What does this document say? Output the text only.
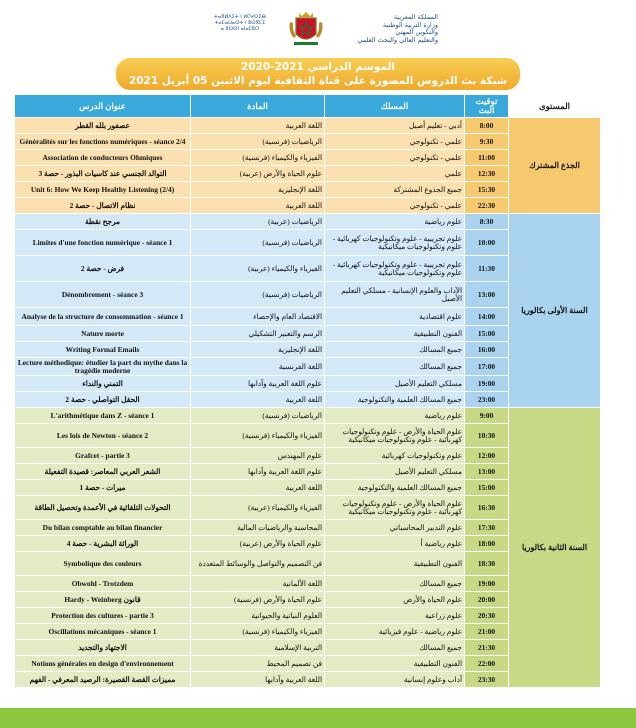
ⵜⴰⴳⵍⴷⵉⵜ ⵏ ⵍⵎⵖⵔⵉⴱ
ⵜⴰⵎⴰⵡⴰⵙⵜ ⵏ ⵓⵙⴳⵎⵉ
ⴰ ⵓⵙⵙⵏ ⴰⵏⴰⵎⵓⵔ
المملكة المغربية
وزارة التربية الوطنية
والتكوين المهني
والتعليم العالي والبحث العلمي
الموسم الدراسي 2021-2020
شبكة بث الدروس المصورة على قناة الثقافية ليوم الاثنين 05 أبريل 2021
عنوان الدرس	المادة	المسلك	توقيت البث	المستوى
عصفور بلله القطر	اللغة العربية	أدبي - تعليم أصيل	8:00	الجذع المشترك
Généralités sur les fonctions numériques - séance 2/4	الرياضيات (فرنسية)	علمي - تكنولوجي	9:30	
Association de conducteurs Ohmiques	الفيزياء والكيمياء (فرنسية)	علمي - تكنولوجي	11:00	
التوالد الجنسي عند كاسيات البذور - حصة 3	علوم الحياة والأرض (عربية)	علمي	12:30	
Unit 6: How We Keep Healthy Listening (2/4)	اللغة الإنجليزية	جميع الجذوع المشتركة	15:30	
نظام الاتصال - حصة 2	اللغة العربية	علمي - تكنولوجي	22:30	
مرجح نقطة	الرياضيات (عربية)	علوم رياضية	8:30	السنة الأولى بكالوريا
Limites d'une fonction numérique - séance 1	الرياضيات (فرنسية)	علوم تجريبية - علوم وتكنولوجيات كهربائية - علوم وتكنولوجيات ميكانيكية	10:00	
فرض - حصة 2	الفيزياء والكيمياء (عربية)	علوم تجريبية - علوم وتكنولوجيات كهربائية - علوم وتكنولوجيات ميكانيكية	11:30	
Dénombrement - séance 3	الرياضيات (فرنسية)	الآداب والعلوم الإنسانية - مسلكي التعليم الأصيل	13:00	
Analyse de la structure de consommation - séance 1	الاقتصاد العام والإحصاء	علوم اقتصادية	14:00	
Nature morte	الرسم والتعبير التشكيلي	الفنون التطبيقية	15:00	
Writing Formal Emails	اللغة الإنجليزية	جميع المسالك	16:00	
Lecture méthodique: étudier la part du mythe dans la tragédie moderne	اللغة الفرنسية	جميع المسالك	17:00	
التمني والنداء	علوم اللغة العربية وآدابها	مسلكي التعليم الأصيل	19:00	
الحقل التواصلي - حصة 2	اللغة العربية	جميع المسالك العلمية والتكنولوجية	23:00	
L'arithmétique dans Z - séance 1	الرياضيات (فرنسية)	علوم رياضية	9:00	السنة الثانية بكالوريا
Les lois de Newton - séance 2	الفيزياء والكيمياء (فرنسية)	علوم الحياة والأرض - علوم وتكنولوجيات كهربائية - علوم وتكنولوجيات ميكانيكية	10:30	
Grafcet - partie 3	علوم المهندس	علوم وتكنولوجيات كهربائية	12:00	
الشعر العربي المعاصر: قصيدة التفعيلة	علوم اللغة العربية وآدابها	مسلكي التعليم الأصيل	13:00	
ميرات - حصة 1	اللغة العربية	جميع المسالك العلمية والتكنولوجية	15:00	
التحولات التلقائية في الأعمدة وتحصيل الطاقة	الفيزياء والكيمياء (عربية)	علوم الحياة والأرض - علوم وتكنولوجيات كهربائية - علوم وتكنولوجيات ميكانيكية	16:30	
Du bilan comptable au bilan financier	المحاسبة والرياضيات المالية	علوم التدبير المحاسباتي	17:30	
الوراثة البشرية - حصة 4	علوم الحياة والأرض (عربية)	علوم رياضية أ	18:00	
Symbolique des couleurs	فن التصميم والتواصل والوسائط المتعددة	الفنون التطبيقية	18:30	
Obwohl - Trotzdem	اللغة الألمانية	جميع المسالك	19:00	
Hardy - Weinberg قانون	علوم الحياة والأرض (فرنسية)	علوم الحياة والأرض	20:00	
Protection des cultures - partie 3	العلوم النباتية والحيوانية	علوم زراعية	20:30	
Oscillations mécaniques - séance 1	الفيزياء والكيمياء (فرنسية)	علوم رياضية - علوم فيزيائية	21:00	
الاجتهاد والتجديد	التربية الإسلامية	جميع المسالك	21:30	
Notions générales en design d'environnement	فن تصميم المحيط	الفنون التطبيقية	22:00	
مميزات القصة القصيرة: الرصيد المعرفي - الفهم	اللغة العربية وآدابها	آداب وعلوم إنسانية	23:30	
